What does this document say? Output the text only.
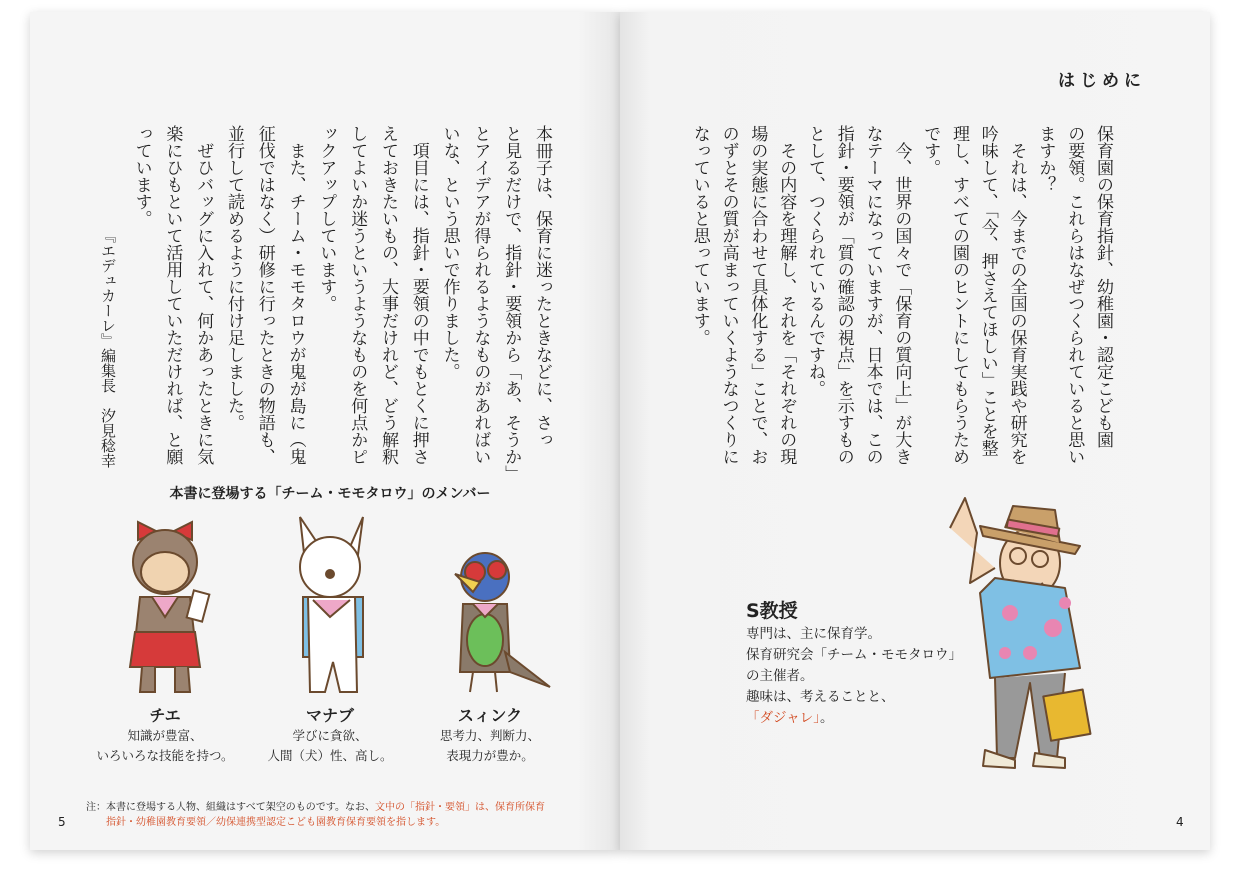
はじめに
保育園の保育指針、幼稚園・認定こども園
の要領。これらはなぜつくられていると思い
ますか？
　それは、今までの全国の保育実践や研究を
吟味して、「今、押さえてほしい」ことを整
理し、すべての園のヒントにしてもらうため
です。
　今、世界の国々で「保育の質向上」が大き
なテーマになっていますが、日本では、この
指針・要領が「質の確認の視点」を示すもの
として、つくられているんですね。
　その内容を理解し、それを「それぞれの現
場の実態に合わせて具体化する」ことで、お
のずとその質が高まっていくようなつくりに
なっていると思っています。
S教授
専門は、主に保育学。
保育研究会「チーム・モモタロウ」
の主催者。
趣味は、考えることと、
「ダジャレ」。
4
本冊子は、保育に迷ったときなどに、さっ
と見るだけで、指針・要領から「あ、そうか」
とアイデアが得られるようなものがあればい
いな、という思いで作りました。
　項目には、指針・要領の中でもとくに押さ
えておきたいもの、大事だけれど、どう解釈
してよいか迷うというようなものを何点かピ
ックアップしています。
　また、チーム・モモタロウが鬼が島に（鬼
征伐ではなく）研修に行ったときの物語も、
並行して読めるように付け足しました。
　ぜひバッグに入れて、何かあったときに気
楽にひもといて活用していただければ、と願
っています。
『エデュカーレ』編集長　汐見稔幸
本書に登場する「チーム・モモタロウ」のメンバー
チエ
知識が豊富、
いろいろな技能を持つ。
マナブ
学びに貪欲、
人間（犬）性、高し。
スィンク
思考力、判断力、
表現力が豊か。
注：本書に登場する人物、組織はすべて架空のものです。なお、文中の「指針・要領」は、保育所保育
指針・幼稚園教育要領／幼保連携型認定こども園教育保育要領を指します。
5
